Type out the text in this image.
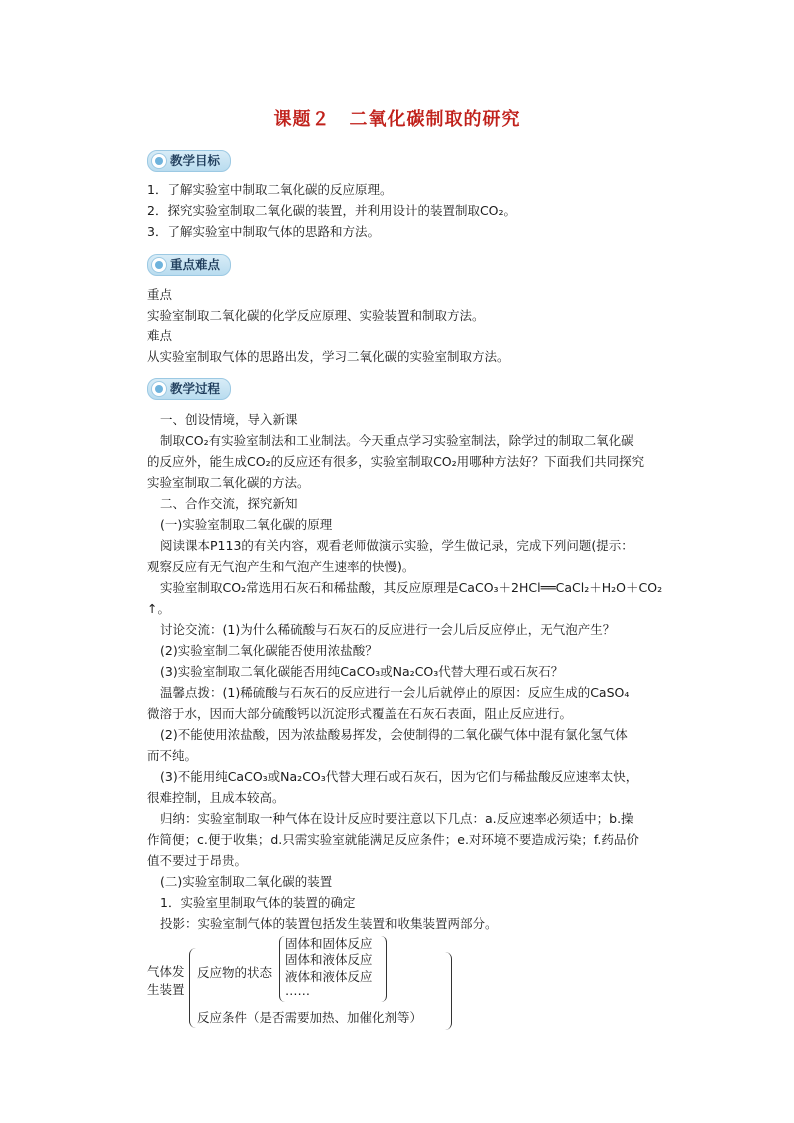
课题２　二氧化碳制取的研究
教学目标
1．了解实验室中制取二氧化碳的反应原理。
2．探究实验室制取二氧化碳的装置，并利用设计的装置制取CO₂。
3．了解实验室中制取气体的思路和方法。
重点难点
重点
实验室制取二氧化碳的化学反应原理、实验装置和制取方法。
难点
从实验室制取气体的思路出发，学习二氧化碳的实验室制取方法。
教学过程
一、创设情境，导入新课
制取CO₂有实验室制法和工业制法。今天重点学习实验室制法，除学过的制取二氧化碳
的反应外，能生成CO₂的反应还有很多，实验室制取CO₂用哪种方法好？下面我们共同探究
实验室制取二氧化碳的方法。
二、合作交流，探究新知
(一)实验室制取二氧化碳的原理
阅读课本P113的有关内容，观看老师做演示实验，学生做记录，完成下列问题(提示：
观察反应有无气泡产生和气泡产生速率的快慢)。
实验室制取CO₂常选用石灰石和稀盐酸，其反应原理是CaCO₃＋2HCl══CaCl₂＋H₂O＋CO₂
↑。
讨论交流：(1)为什么稀硫酸与石灰石的反应进行一会儿后反应停止，无气泡产生？
(2)实验室制二氧化碳能否使用浓盐酸？
(3)实验室制取二氧化碳能否用纯CaCO₃或Na₂CO₃代替大理石或石灰石？
温馨点拨：(1)稀硫酸与石灰石的反应进行一会儿后就停止的原因：反应生成的CaSO₄
微溶于水，因而大部分硫酸钙以沉淀形式覆盖在石灰石表面，阻止反应进行。
(2)不能使用浓盐酸，因为浓盐酸易挥发，会使制得的二氧化碳气体中混有氯化氢气体
而不纯。
(3)不能用纯CaCO₃或Na₂CO₃代替大理石或石灰石，因为它们与稀盐酸反应速率太快，
很难控制，且成本较高。
归纳：实验室制取一种气体在设计反应时要注意以下几点：a.反应速率必须适中；b.操
作简便；c.便于收集；d.只需实验室就能满足反应条件；e.对环境不要造成污染；f.药品价
值不要过于昂贵。
(二)实验室制取二氧化碳的装置
1．实验室里制取气体的装置的确定
投影：实验室制气体的装置包括发生装置和收集装置两部分。
气体发
生装置
反应物的状态
固体和固体反应
固体和液体反应
液体和液体反应
……
反应条件（是否需要加热、加催化剂等）
